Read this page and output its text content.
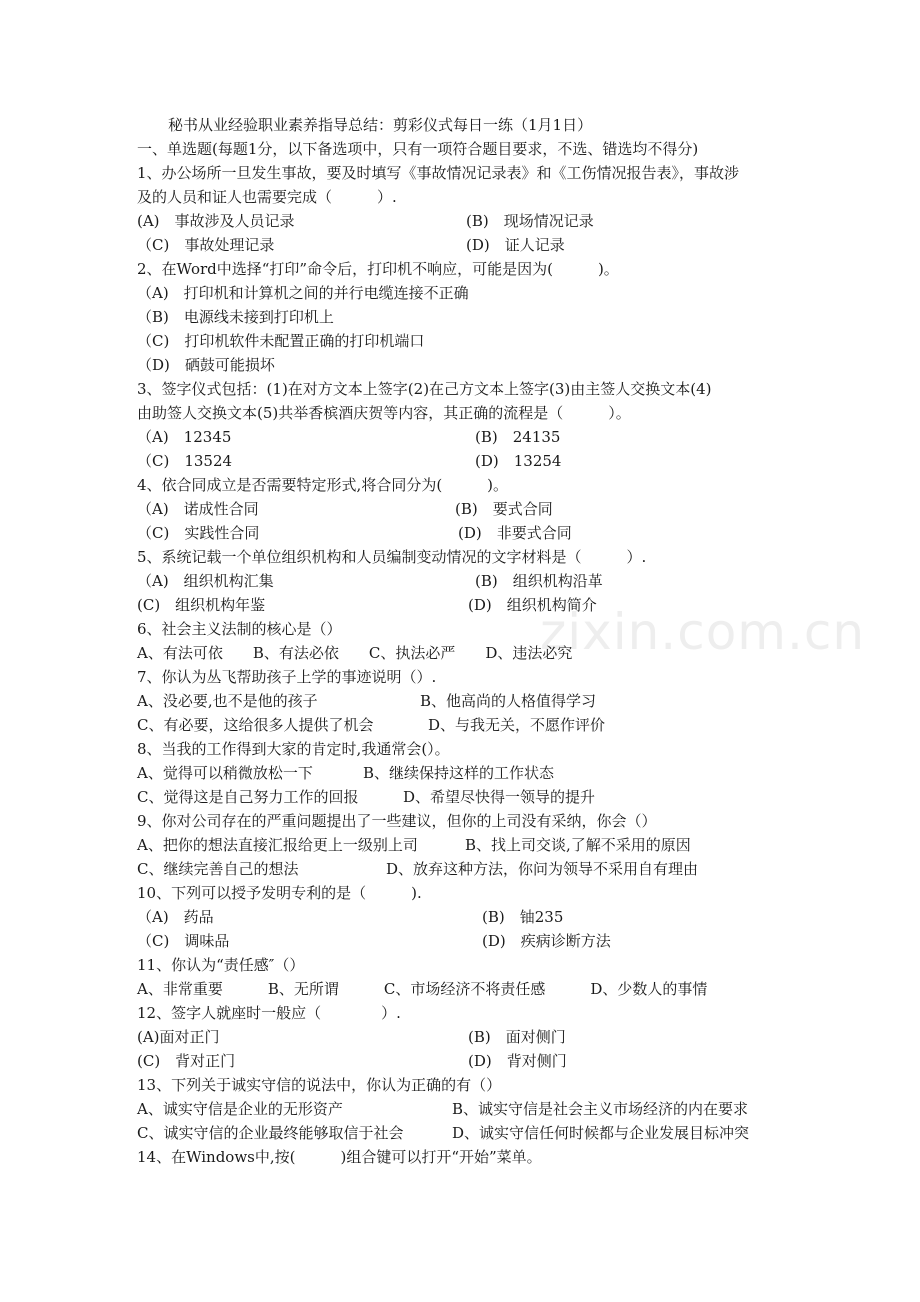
zixin.com.cn
秘书从业经验职业素养指导总结：剪彩仪式每日一练（1月1日）
一、单选题(每题1分，以下备选项中，只有一项符合题目要求，不选、错选均不得分)
1、办公场所一旦发生事故，要及时填写《事故情况记录表》和《工伤情况报告表》，事故涉
及的人员和证人也需要完成（　　　）.
(A)　事故涉及人员记录	(B)　现场情况记录
（C)　事故处理记录	(D)　证人记录
2、在Word中选择“打印”命令后，打印机不响应，可能是因为(　　　)。
（A)　打印机和计算机之间的并行电缆连接不正确
（B)　电源线未接到打印机上
（C)　打印机软件未配置正确的打印机端口
（D)　硒鼓可能损坏
3、签字仪式包括：(1)在对方文本上签字(2)在己方文本上签字(3)由主签人交换文本(4)
由助签人交换文本(5)共举香槟酒庆贺等内容，其正确的流程是（　　　）。
（A)　12345	(B)　24135
（C)　13524	(D)　13254
4、依合同成立是否需要特定形式,将合同分为(　　　)。
（A)　诺成性合同	(B)　要式合同
（C)　实践性合同	(D)　非要式合同
5、系统记载一个单位组织机构和人员编制变动情况的文字材料是（　　　）.
（A)　组织机构汇集	(B)　组织机构沿革
(C)　组织机构年鉴	(D)　组织机构简介
6、社会主义法制的核心是（）
A、有法可依　　B、有法必依　　C、执法必严　　D、违法必究
7、你认为丛飞帮助孩子上学的事迹说明（）.
A、没必要,也不是他的孩子	B、他高尚的人格值得学习
C、有必要，这给很多人提供了机会	D、与我无关，不愿作评价
8、当我的工作得到大家的肯定时,我通常会(）。
A、觉得可以稍微放松一下	B、继续保持这样的工作状态
C、觉得这是自己努力工作的回报	D、希望尽快得一领导的提升
9、你对公司存在的严重问题提出了一些建议，但你的上司没有采纳，你会（）
A、把你的想法直接汇报给更上一级别上司	B、找上司交谈,了解不采用的原因
C、继续完善自己的想法	D、放弃这种方法，你问为领导不采用自有理由
10、下列可以授予发明专利的是（　　　).
（A)　药品	(B)　铀235
（C)　调味品	(D)　疾病诊断方法
11、你认为“责任感″（）
A、非常重要　　　B、无所谓　　　C、市场经济不将责任感　　　D、少数人的事情
12、签字人就座时一般应（　　　　）.
(A)面对正门	(B)　面对侧门
(C)　背对正门	(D)　背对侧门
13、下列关于诚实守信的说法中，你认为正确的有（）
A、诚实守信是企业的无形资产	B、诚实守信是社会主义市场经济的内在要求
C、诚实守信的企业最终能够取信于社会	D、诚实守信任何时候都与企业发展目标冲突
14、在Windows中,按(　　　)组合键可以打开“开始”菜单。
